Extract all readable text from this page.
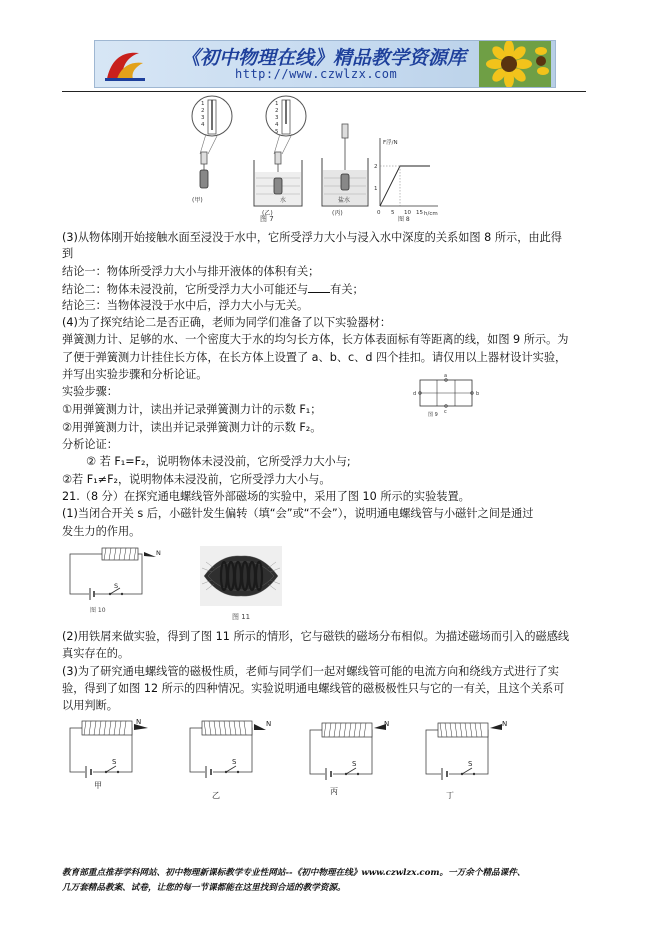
《初中物理在线》精品教学资源库
http://www.czwlzx.com
1
2
3
4
(甲)
1
2
3
4
5
水
(乙)
盐水
(丙)
图 7
F浮/N
h/cm
1
2
0 5 10 15
图 8
(3)从物体刚开始接触水面至浸没于水中，它所受浮力大小与浸入水中深度的关系如图 8 所示，由此得
到
结论一：物体所受浮力大小与排开液体的体积有关；
结论二：物体未浸没前，它所受浮力大小可能还与 有关；
结论三：当物体浸没于水中后，浮力大小与无关。
(4)为了探究结论二是否正确，老师为同学们准备了以下实验器材：
弹簧测力计、足够的水、一个密度大于水的均匀长方体，长方体表面标有等距离的线，如图 9 所示。为
了便于弹簧测力计挂住长方体，在长方体上设置了 a、b、c、d 四个挂扣。请仅用以上器材设计实验，
并写出实验步骤和分析论证。
实验步骤：
①用弹簧测力计，读出并记录弹簧测力计的示数 F₁；
②用弹簧测力计，读出并记录弹簧测力计的示数 F₂。
分析论证：
② 若 F₁=F₂，说明物体未浸没前，它所受浮力大小与;
②若 F₁≠F₂，说明物体未浸没前，它所受浮力大小与。
21.（8 分）在探究通电螺线管外部磁场的实验中，采用了图 10 所示的实验装置。
(1)当闭合开关 s 后，小磁针发生偏转（填“会”或“不会”），说明通电螺线管与小磁针之间是通过
发生力的作用。
a
b
c
d
图 9
S
N
图 10
图 11
(2)用铁屑来做实验，得到了图 11 所示的情形，它与磁铁的磁场分布相似。为描述磁场而引入的磁感线
真实存在的。
(3)为了研究通电螺线管的磁极性质，老师与同学们一起对螺线管可能的电流方向和绕线方式进行了实
验，得到了如图 12 所示的四种情况。实验说明通电螺线管的磁极极性只与它的一有关，且这个关系可
以用判断。
S
N
甲
S
N
乙
S
N
丙
S
N
丁
教育部重点推荐学科网站、初中物理新课标教学专业性网站--《初中物理在线》www.czwlzx.com。一万余个精品课件、
几万套精品教案、试卷，让您的每一节课都能在这里找到合适的教学资源。
